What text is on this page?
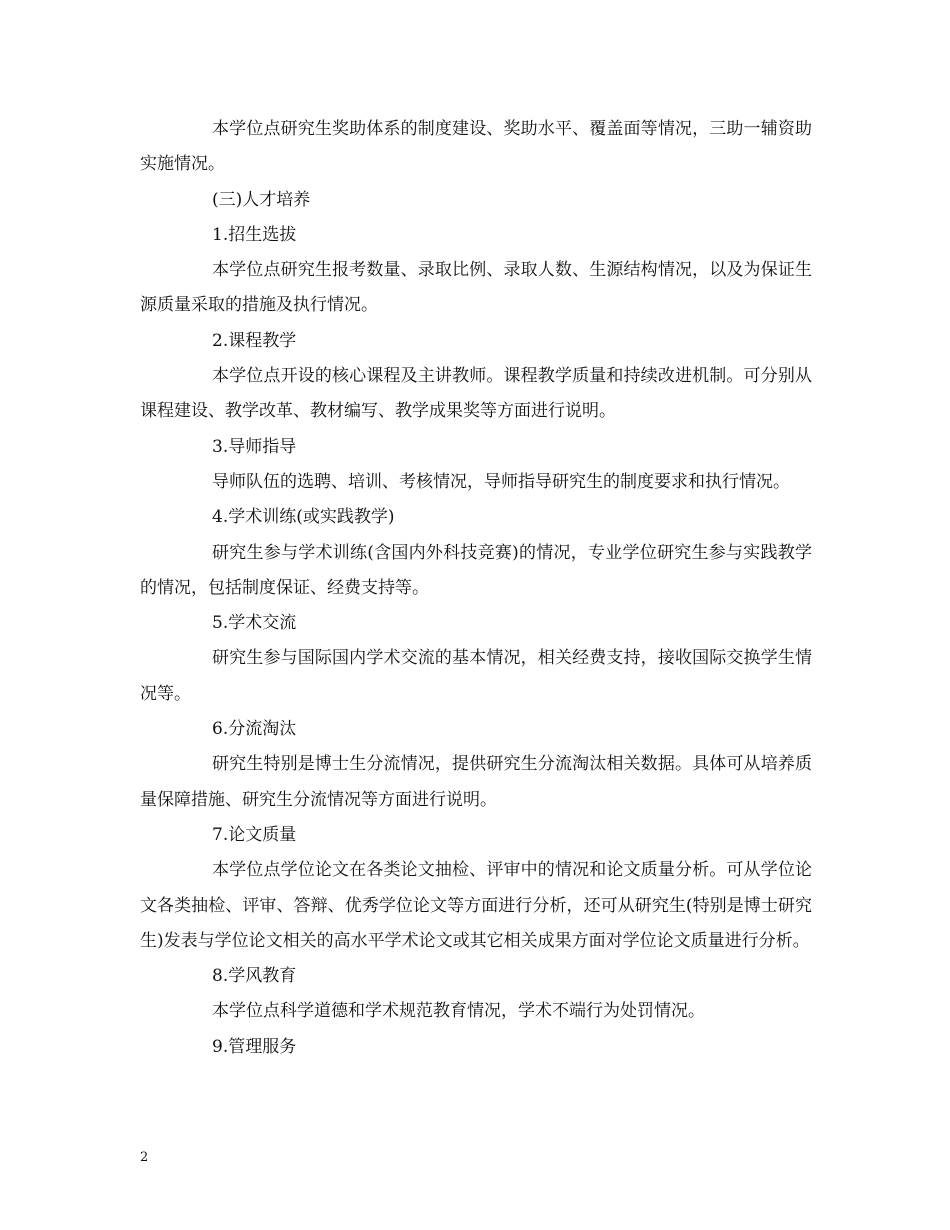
本学位点研究生奖助体系的制度建设、奖助水平、覆盖面等情况，三助一辅资助实施情况。

(三)人才培养

1.招生选拔

本学位点研究生报考数量、录取比例、录取人数、生源结构情况，以及为保证生源质量采取的措施及执行情况。

2.课程教学

本学位点开设的核心课程及主讲教师。课程教学质量和持续改进机制。可分别从课程建设、教学改革、教材编写、教学成果奖等方面进行说明。

3.导师指导

导师队伍的选聘、培训、考核情况，导师指导研究生的制度要求和执行情况。

4.学术训练(或实践教学)

研究生参与学术训练(含国内外科技竞赛)的情况，专业学位研究生参与实践教学的情况，包括制度保证、经费支持等。

5.学术交流

研究生参与国际国内学术交流的基本情况，相关经费支持，接收国际交换学生情况等。

6.分流淘汰

研究生特别是博士生分流情况，提供研究生分流淘汰相关数据。具体可从培养质量保障措施、研究生分流情况等方面进行说明。

7.论文质量

本学位点学位论文在各类论文抽检、评审中的情况和论文质量分析。可从学位论文各类抽检、评审、答辩、优秀学位论文等方面进行分析，还可从研究生(特别是博士研究生)发表与学位论文相关的高水平学术论文或其它相关成果方面对学位论文质量进行分析。

8.学风教育

本学位点科学道德和学术规范教育情况，学术不端行为处罚情况。

9.管理服务

2
